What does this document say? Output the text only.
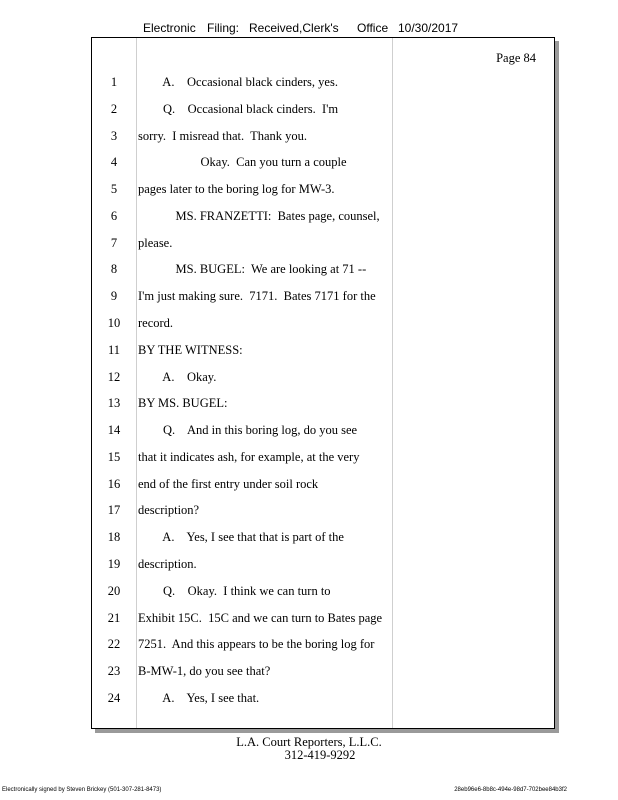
Electronic Filing: Received,Clerk's Office 10/30/2017
Page 84
1	A.    Occasional black cinders, yes.
2	Q.    Occasional black cinders.  I'm
3	sorry.  I misread that.  Thank you.
4	Okay.  Can you turn a couple
5	pages later to the boring log for MW-3.
6	MS. FRANZETTI:  Bates page, counsel,
7	please.
8	MS. BUGEL:  We are looking at 71 --
9	I'm just making sure.  7171.  Bates 7171 for the
10	record.
11	BY THE WITNESS:
12	A.    Okay.
13	BY MS. BUGEL:
14	Q.    And in this boring log, do you see
15	that it indicates ash, for example, at the very
16	end of the first entry under soil rock
17	description?
18	A.    Yes, I see that that is part of the
19	description.
20	Q.    Okay.  I think we can turn to
21	Exhibit 15C.  15C and we can turn to Bates page
22	7251.  And this appears to be the boring log for
23	B-MW-1, do you see that?
24	A.    Yes, I see that.
L.A. Court Reporters, L.L.C.
312-419-9292
Electronically signed by Steven Brickey (501-307-281-8473)	28eb96e6-8b8c-494e-98d7-702bee84b3f2
